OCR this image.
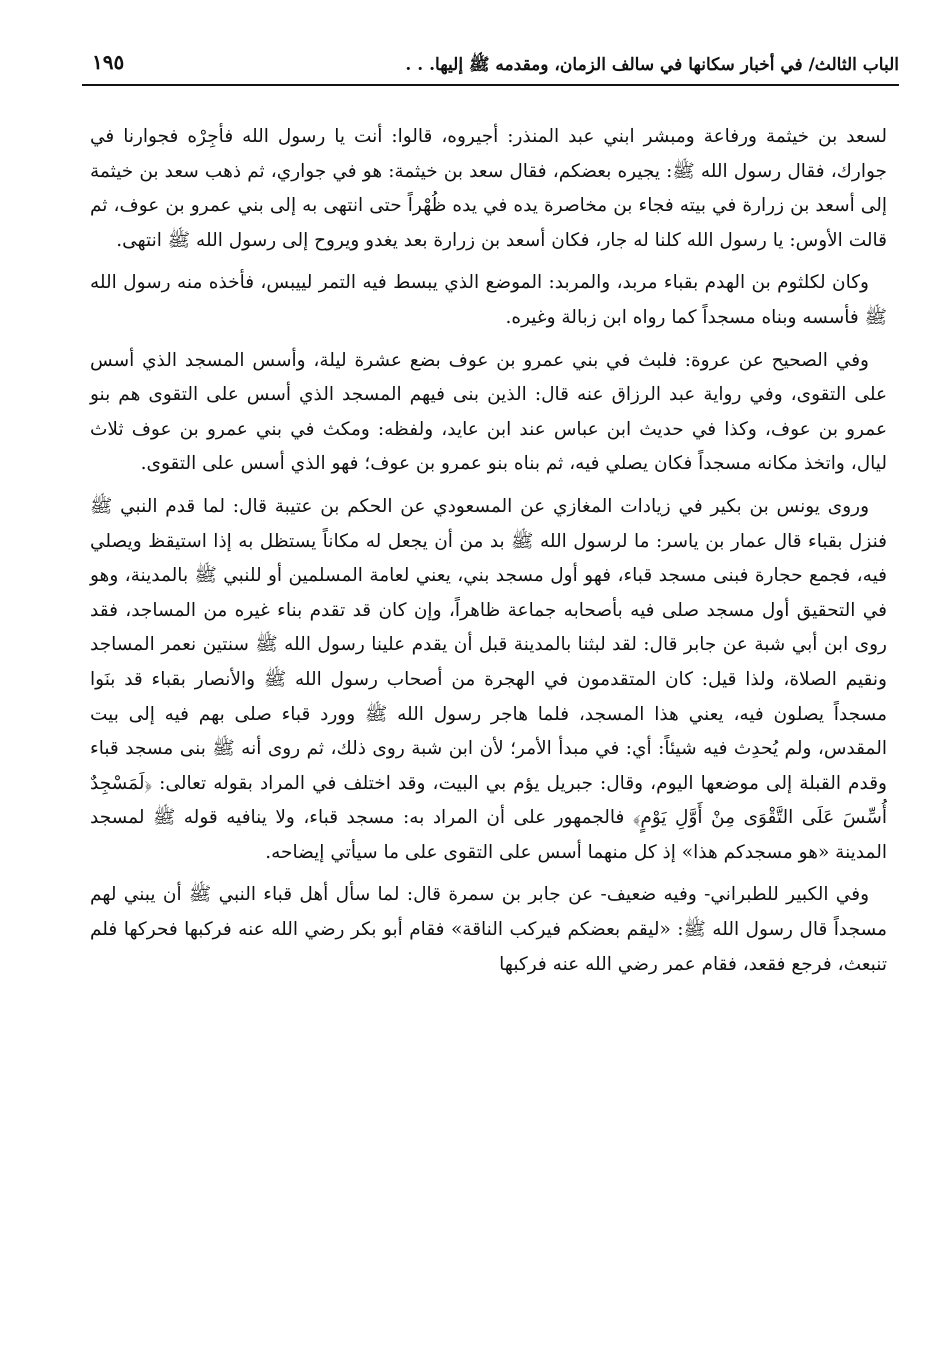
الباب الثالث/ في أخبار سكانها في سالف الزمان، ومقدمه ﷺ إليها. . .
١٩٥

لسعد بن خيثمة ورفاعة ومبشر ابني عبد المنذر: أجيروه، قالوا: أنت يا رسول الله فأجِرْه فجوارنا في جوارك، فقال رسول الله ﷺ: يجيره بعضكم، فقال سعد بن خيثمة: هو في جواري، ثم ذهب سعد بن خيثمة إلى أسعد بن زرارة في بيته فجاء بن مخاصرة يده في يده ظُهْراً حتى انتهى به إلى بني عمرو بن عوف، ثم قالت الأوس: يا رسول الله كلنا له جار، فكان أسعد بن زرارة بعد يغدو ويروح إلى رسول الله ﷺ انتهى.

وكان لكلثوم بن الهدم بقباء مربد، والمربد: الموضع الذي يبسط فيه التمر لييبس، فأخذه منه رسول الله ﷺ فأسسه وبناه مسجداً كما رواه ابن زبالة وغيره.

وفي الصحيح عن عروة: فلبث في بني عمرو بن عوف بضع عشرة ليلة، وأسس المسجد الذي أسس على التقوى، وفي رواية عبد الرزاق عنه قال: الذين بنى فيهم المسجد الذي أسس على التقوى هم بنو عمرو بن عوف، وكذا في حديث ابن عباس عند ابن عايد، ولفظه: ومكث في بني عمرو بن عوف ثلاث ليال، واتخذ مكانه مسجداً فكان يصلي فيه، ثم بناه بنو عمرو بن عوف؛ فهو الذي أسس على التقوى.

وروى يونس بن بكير في زيادات المغازي عن المسعودي عن الحكم بن عتيبة قال: لما قدم النبي ﷺ فنزل بقباء قال عمار بن ياسر: ما لرسول الله ﷺ بد من أن يجعل له مكاناً يستظل به إذا استيقظ ويصلي فيه، فجمع حجارة فبنى مسجد قباء، فهو أول مسجد بني، يعني لعامة المسلمين أو للنبي ﷺ بالمدينة، وهو في التحقيق أول مسجد صلى فيه بأصحابه جماعة ظاهراً، وإن كان قد تقدم بناء غيره من المساجد، فقد روى ابن أبي شبة عن جابر قال: لقد لبثنا بالمدينة قبل أن يقدم علينا رسول الله ﷺ سنتين نعمر المساجد ونقيم الصلاة، ولذا قيل: كان المتقدمون في الهجرة من أصحاب رسول الله ﷺ والأنصار بقباء قد بنَوا مسجداً يصلون فيه، يعني هذا المسجد، فلما هاجر رسول الله ﷺ وورد قباء صلى بهم فيه إلى بيت المقدس، ولم يُحدِث فيه شيئاً: أي: في مبدأ الأمر؛ لأن ابن شبة روى ذلك، ثم روى أنه ﷺ بنى مسجد قباء وقدم القبلة إلى موضعها اليوم، وقال: جبريل يؤم بي البيت، وقد اختلف في المراد بقوله تعالى: ﴿لَمَسْجِدٌ أُسِّسَ عَلَى التَّقْوَى مِنْ أَوَّلِ يَوْمٍ﴾ فالجمهور على أن المراد به: مسجد قباء، ولا ينافيه قوله ﷺ لمسجد المدينة «هو مسجدكم هذا» إذ كل منهما أسس على التقوى على ما سيأتي إيضاحه.

وفي الكبير للطبراني- وفيه ضعيف- عن جابر بن سمرة قال: لما سأل أهل قباء النبي ﷺ أن يبني لهم مسجداً قال رسول الله ﷺ: «ليقم بعضكم فيركب الناقة» فقام أبو بكر رضي الله عنه فركبها فحركها فلم تنبعث، فرجع فقعد، فقام عمر رضي الله عنه فركبها
